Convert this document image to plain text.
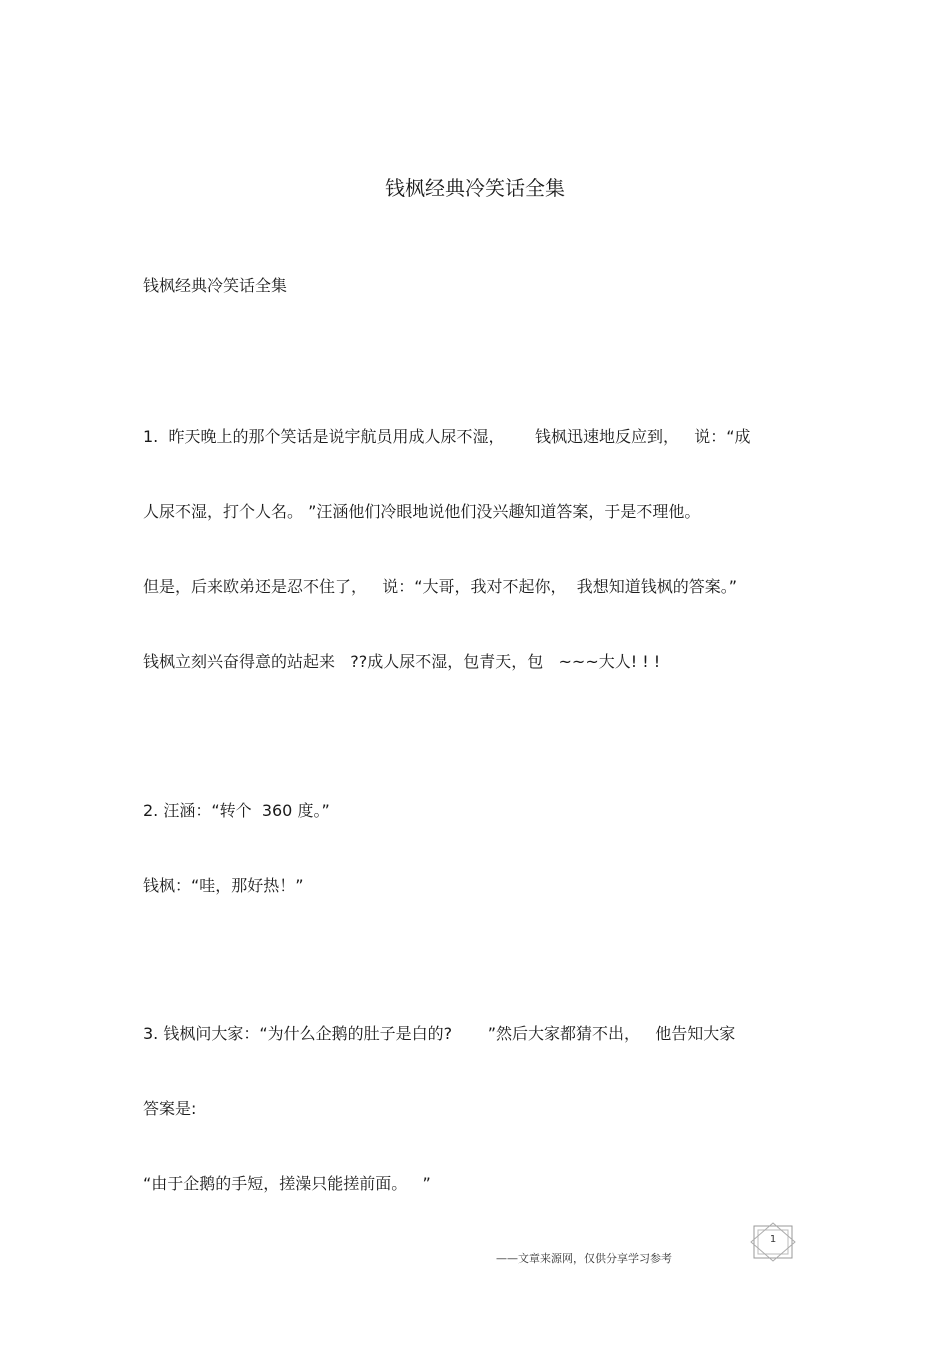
钱枫经典冷笑话全集
钱枫经典冷笑话全集
1.  昨天晚上的那个笑话是说宇航员用成人尿不湿，      钱枫迅速地反应到，   说：“成
人尿不湿，打个人名。 ”汪涵他们冷眼地说他们没兴趣知道答案，于是不理他。
但是，后来欧弟还是忍不住了，   说：“大哥，我对不起你，  我想知道钱枫的答案。”
钱枫立刻兴奋得意的站起来   ??成人尿不湿，包青天，包   ~~~大人! ! !
2. 汪涵：“转个  360 度。”
钱枫：“哇，那好热！”
3. 钱枫问大家：“为什么企鹅的肚子是白的?       ”然后大家都猜不出，   他告知大家
答案是:
“由于企鹅的手短，搓澡只能搓前面。   ”
1
——文章来源网，仅供分享学习参考
